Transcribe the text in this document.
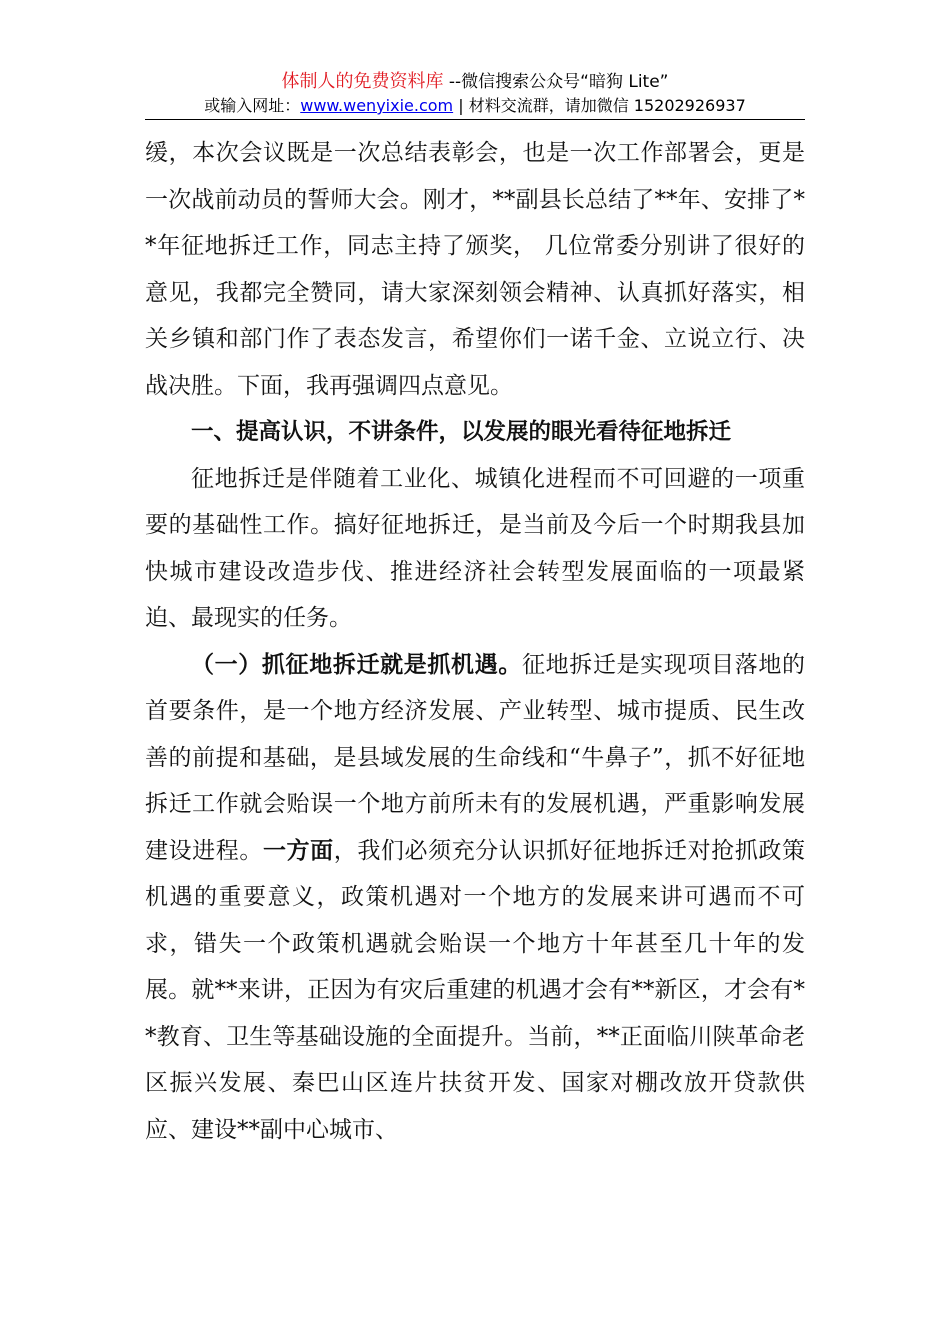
体制人的免费资料库 --微信搜索公众号“暗狗 Lite”
或输入网址：www.wenyixie.com | 材料交流群，请加微信 15202926937

缓，本次会议既是一次总结表彰会，也是一次工作部署会，更是一次战前动员的誓师大会。刚才，**副县长总结了**年、安排了**年征地拆迁工作，同志主持了颁奖， 几位常委分别讲了很好的意见，我都完全赞同，请大家深刻领会精神、认真抓好落实，相关乡镇和部门作了表态发言，希望你们一诺千金、立说立行、决战决胜。下面，我再强调四点意见。

一、提高认识，不讲条件，以发展的眼光看待征地拆迁

征地拆迁是伴随着工业化、城镇化进程而不可回避的一项重要的基础性工作。搞好征地拆迁，是当前及今后一个时期我县加快城市建设改造步伐、推进经济社会转型发展面临的一项最紧迫、最现实的任务。

（一）抓征地拆迁就是抓机遇。征地拆迁是实现项目落地的首要条件，是一个地方经济发展、产业转型、城市提质、民生改善的前提和基础，是县域发展的生命线和“牛鼻子”，抓不好征地拆迁工作就会贻误一个地方前所未有的发展机遇，严重影响发展建设进程。一方面，我们必须充分认识抓好征地拆迁对抢抓政策机遇的重要意义，政策机遇对一个地方的发展来讲可遇而不可求，错失一个政策机遇就会贻误一个地方十年甚至几十年的发展。就**来讲，正因为有灾后重建的机遇才会有**新区，才会有**教育、卫生等基础设施的全面提升。当前，**正面临川陕革命老区振兴发展、秦巴山区连片扶贫开发、国家对棚改放开贷款供应、建设**副中心城市、
